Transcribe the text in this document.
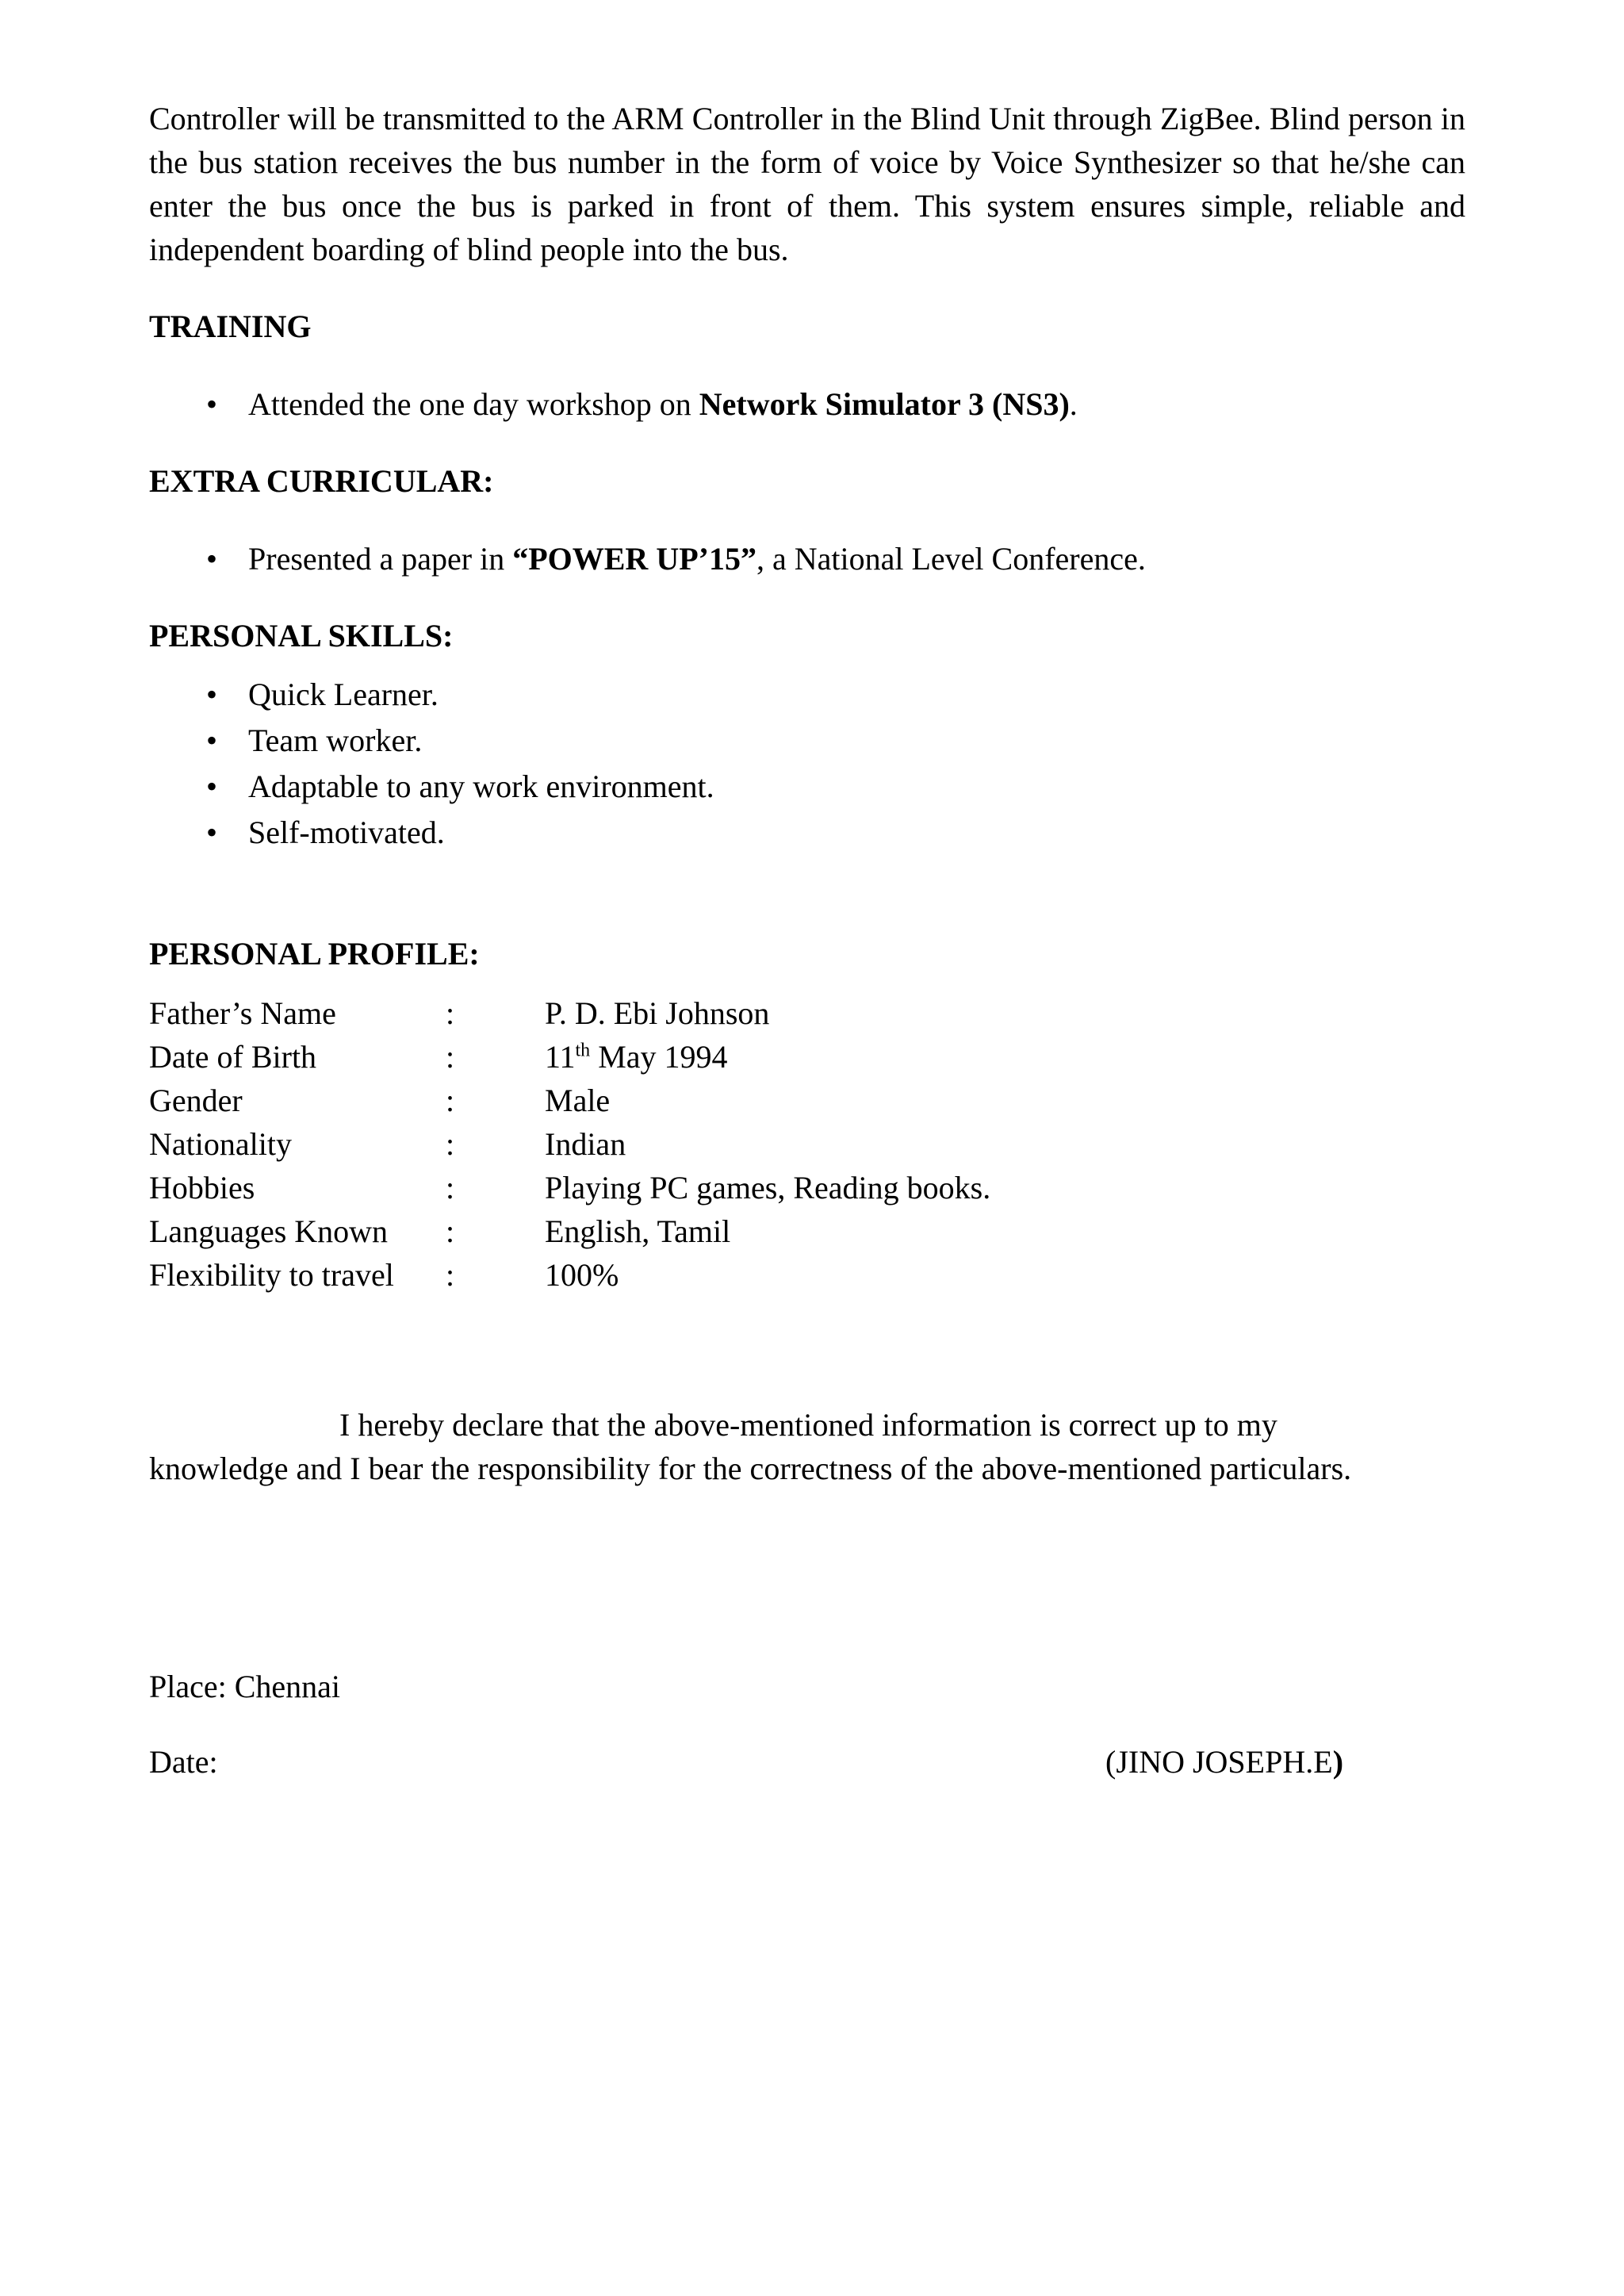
Controller will be transmitted to the ARM Controller in the Blind Unit through ZigBee. Blind person in the bus station receives the bus number in the form of voice by Voice Synthesizer so that he/she can enter the bus once the bus is parked in front of them. This system ensures simple, reliable and independent boarding of blind people into the bus.

TRAINING
• Attended the one day workshop on Network Simulator 3 (NS3).
EXTRA CURRICULAR:
• Presented a paper in “POWER UP’15”, a National Level Conference.
PERSONAL SKILLS:
• Quick Learner.
• Team worker.
• Adaptable to any work environment.
• Self-motivated.
PERSONAL PROFILE:
Father’s Name	:	P. D. Ebi Johnson
Date of Birth	:	11th May 1994
Gender	:	Male
Nationality	:	Indian
Hobbies	:	Playing PC games, Reading books.
Languages Known	:	English, Tamil
Flexibility to travel	:	100%
I hereby declare that the above-mentioned information is correct up to my
knowledge and I bear the responsibility for the correctness of the above-mentioned particulars.
Place: Chennai
Date:	(JINO JOSEPH.E)
